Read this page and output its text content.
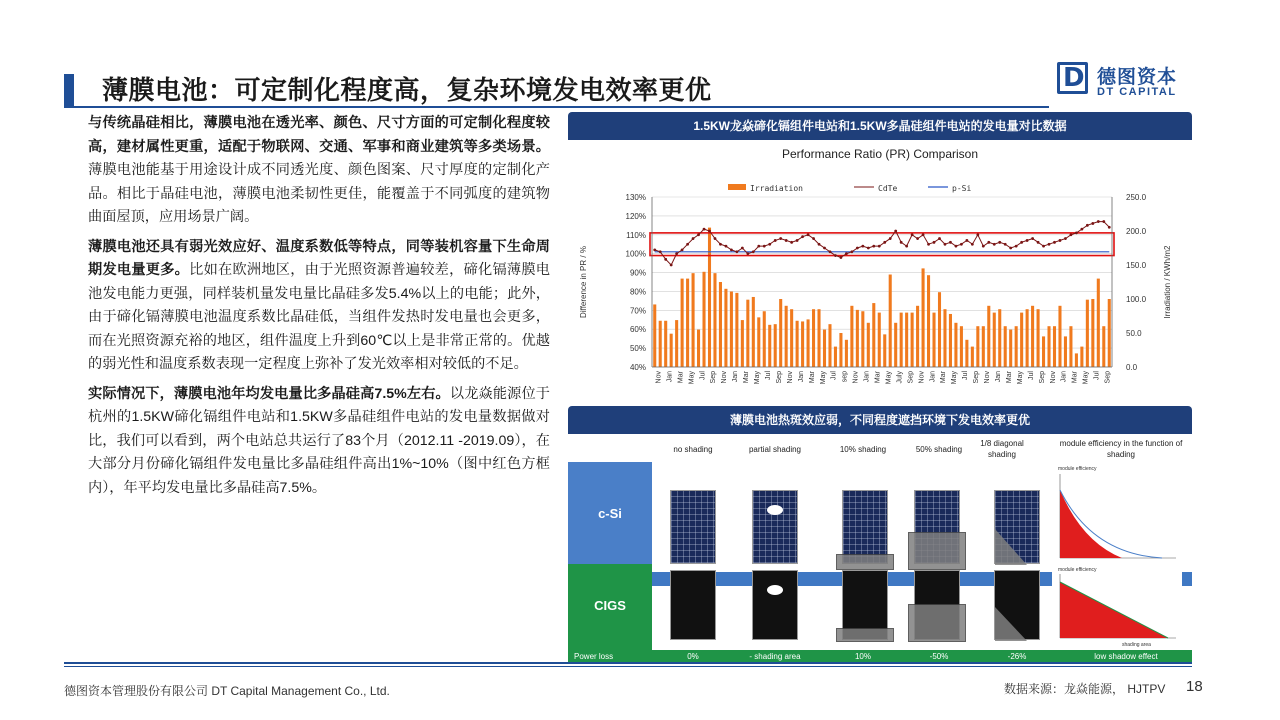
薄膜电池：可定制化程度高，复杂环境发电效率更优	D 德图资本
DT CAPITAL

与传统晶硅相比，薄膜电池在透光率、颜色、尺寸方面的可定制化程度较高，建材属性更重，适配于物联网、交通、军事和商业建筑等多类场景。薄膜电池能基于用途设计成不同透光度、颜色图案、尺寸厚度的定制化产品。相比于晶硅电池，薄膜电池柔韧性更佳，能覆盖于不同弧度的建筑物曲面屋顶，应用场景广阔。

薄膜电池还具有弱光效应好、温度系数低等特点，同等装机容量下生命周期发电量更多。比如在欧洲地区，由于光照资源普遍较差，碲化镉薄膜电池发电能力更强，同样装机量发电量比晶硅多发5.4%以上的电能；此外，由于碲化镉薄膜电池温度系数比晶硅低，当组件发热时发电量也会更多，而在光照资源充裕的地区，组件温度上升到60℃以上是非常正常的。优越的弱光性和温度系数表现一定程度上弥补了发光效率相对较低的不足。

实际情况下，薄膜电池年均发电量比多晶硅高7.5%左右。以龙焱能源位于杭州的1.5KW碲化镉组件电站和1.5KW多晶硅组件电站的发电量数据做对比，我们可以看到，两个电站总共运行了83个月（2012.11 -2019.09），在大部分月份碲化镉组件发电量比多晶硅组件高出1%~10%（图中红色方框内），年平均发电量比多晶硅高7.5%。

1.5KW龙焱碲化镉组件电站和1.5KW多晶硅组件电站的发电量对比数据
Performance Ratio (PR) Comparison
Irradiation	CdTe	p-Si
40%
50%
60%
70%
80%
90%
100%
110%
120%
130%
0.0
50.0
100.0
150.0
200.0
250.0
Difference in PR / %	Irradiation / KWh/m2
Nov Jan Mar May Jul Sep Nov Jan Mar May Jul Sep Nov Jan Mar May Jul sep Nov Jan Mar May July Sep Nov Jan Mar May Jul Sep Nov Jan Mar May Jul Sep Nov Jan Mar May Jul Sep
薄膜电池热斑效应弱，不同程度遮挡环境下发电效率更优
no shading	partial shading	10% shading	50% shading
1/8 diagonal shading
module efficiency in the function of shading
c-Si
module efficiency
shading area
high shadow effect
CIGS
module efficiency
shading area
Power loss	0%	- shading area	10%	-50%	-26%	low shadow effect
德图资本管理股份有限公司 DT Capital Management Co., Ltd.	数据来源：龙焱能源， HJTPV 18
